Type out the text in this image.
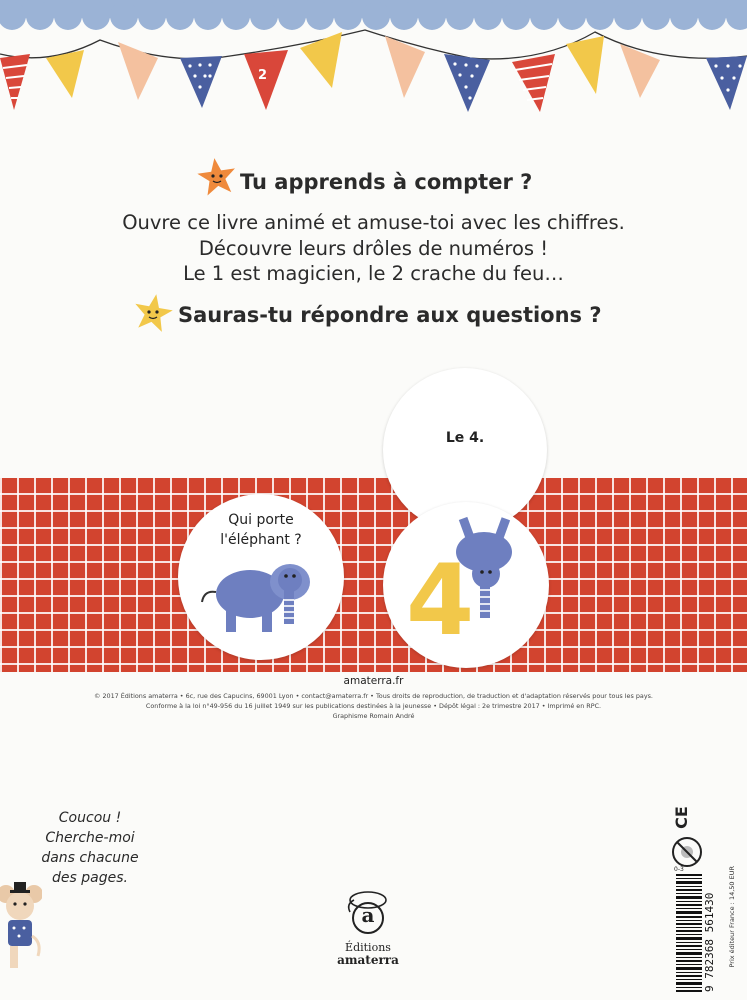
2
Tu apprends à compter ?
Ouvre ce livre animé et amuse-toi avec les chiffres.
Découvre leurs drôles de numéros !
Le 1 est magicien, le 2 crache du feu…
Sauras-tu répondre aux questions ?
Qui porte
l'éléphant ?
Le 4.
4
amaterra.fr
© 2017 Éditions amaterra • 6c, rue des Capucins, 69001 Lyon • contact@amaterra.fr • Tous droits de reproduction, de traduction et d'adaptation réservés pour tous les pays.
Conforme à la loi n°49-956 du 16 juillet 1949 sur les publications destinées à la jeunesse • Dépôt légal : 2e trimestre 2017 • Imprimé en RPC.
Graphisme Romain André
Coucou !
Cherche-moi
dans chacune
des pages.
a
Éditions
amaterra
CE
0-3
9 782368 561430 Prix éditeur France : 14,50 EUR
